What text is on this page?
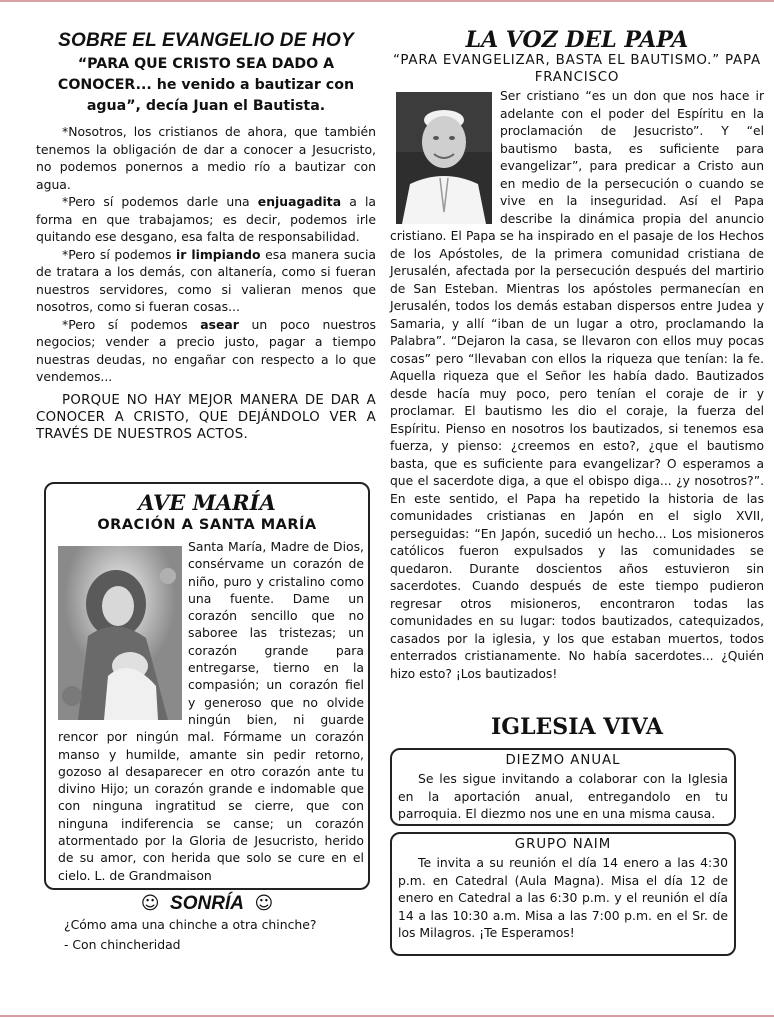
SOBRE EL EVANGELIO DE HOY

“PARA QUE CRISTO SEA DADO A CONOCER... he venido a bautizar con agua”, decía Juan el Bautista.

*Nosotros, los cristianos de ahora, que también tenemos la obligación de dar a conocer a Jesucristo, no podemos ponernos a medio río a bautizar con agua.

*Pero sí podemos darle una enjuagadita a la forma en que trabajamos; es decir, podemos irle quitando ese desgano, esa falta de responsabilidad.

*Pero sí podemos ir limpiando esa manera sucia de tratara a los demás, con altanería, como si fueran nuestros servidores, como si valieran menos que nosotros, como si fueran cosas...

*Pero sí podemos asear un poco nuestros negocios; vender a precio justo, pagar a tiempo nuestras deudas, no engañar con respecto a lo que vendemos...

PORQUE NO HAY MEJOR MANERA DE DAR A CONOCER A CRISTO, QUE DEJÁNDOLO VER A TRAVÉS DE NUESTROS ACTOS.

AVE MARÍA
ORACIÓN A SANTA MARÍA
Santa María, Madre de Dios, consérvame un corazón de niño, puro y cristalino como una fuente. Dame un corazón sencillo que no saboree las tristezas; un corazón grande para entregarse, tierno en la compasión; un corazón fiel y generoso que no olvide ningún bien, ni guarde rencor por ningún mal. Fórmame un corazón manso y humilde, amante sin pedir retorno, gozoso al desaparecer en otro corazón ante tu divino Hijo; un corazón grande e indomable que con ninguna ingratitud se cierre, que con ninguna indiferencia se canse; un corazón atormentado por la Gloria de Jesucristo, herido de su amor, con herida que solo se cure en el cielo. L. de Grandmaison
☺ SONRÍA ☺
¿Cómo ama una chinche a otra chinche?
- Con chincheridad
LA VOZ DEL PAPA

“PARA EVANGELIZAR, BASTA EL BAUTISMO.” PAPA FRANCISCO

Ser cristiano “es un don que nos hace ir adelante con el poder del Espíritu en la proclamación de Jesucristo”. Y “el bautismo basta, es suficiente para evangelizar”, para predicar a Cristo aun en medio de la persecución o cuando se vive en la inseguridad. Así el Papa describe la dinámica propia del anuncio cristiano. El Papa se ha inspirado en el pasaje de los Hechos de los Apóstoles, de la primera comunidad cristiana de Jerusalén, afectada por la persecución después del martirio de San Esteban. Mientras los apóstoles permanecían en Jerusalén, todos los demás estaban dispersos entre Judea y Samaria, y allí “iban de un lugar a otro, proclamando la Palabra”. “Dejaron la casa, se llevaron con ellos muy pocas cosas” pero “llevaban con ellos la riqueza que tenían: la fe. Aquella riqueza que el Señor les había dado. Bautizados desde hacía muy poco, pero tenían el coraje de ir y proclamar. El bautismo les dio el coraje, la fuerza del Espíritu. Pienso en nosotros los bautizados, si tenemos esa fuerza, y pienso: ¿creemos en esto?, ¿que el bautismo basta, que es suficiente para evangelizar? O esperamos a que el sacerdote diga, a que el obispo diga... ¿y nosotros?”. En este sentido, el Papa ha repetido la historia de las comunidades cristianas en Japón en el siglo XVII, perseguidas: “En Japón, sucedió un hecho... Los misioneros católicos fueron expulsados y las comunidades se quedaron. Durante doscientos años estuvieron sin sacerdotes. Cuando después de este tiempo pudieron regresar otros misioneros, encontraron todas las comunidades en su lugar: todos bautizados, catequizados, casados por la iglesia, y los que estaban muertos, todos enterrados cristianamente. No había sacerdotes... ¿Quién hizo esto? ¡Los bautizados!
IGLESIA VIVA
DIEZMO ANUAL
Se les sigue invitando a colaborar con la Iglesia en la aportación anual, entregandolo en tu parroquia. El diezmo nos une en una misma causa.
GRUPO NAIM
Te invita a su reunión el día 14 enero a las 4:30 p.m. en Catedral (Aula Magna). Misa el día 12 de enero en Catedral a las 6:30 p.m. y el reunión el día 14 a las 10:30 a.m. Misa a las 7:00 p.m. en el Sr. de los Milagros. ¡Te Esperamos!
